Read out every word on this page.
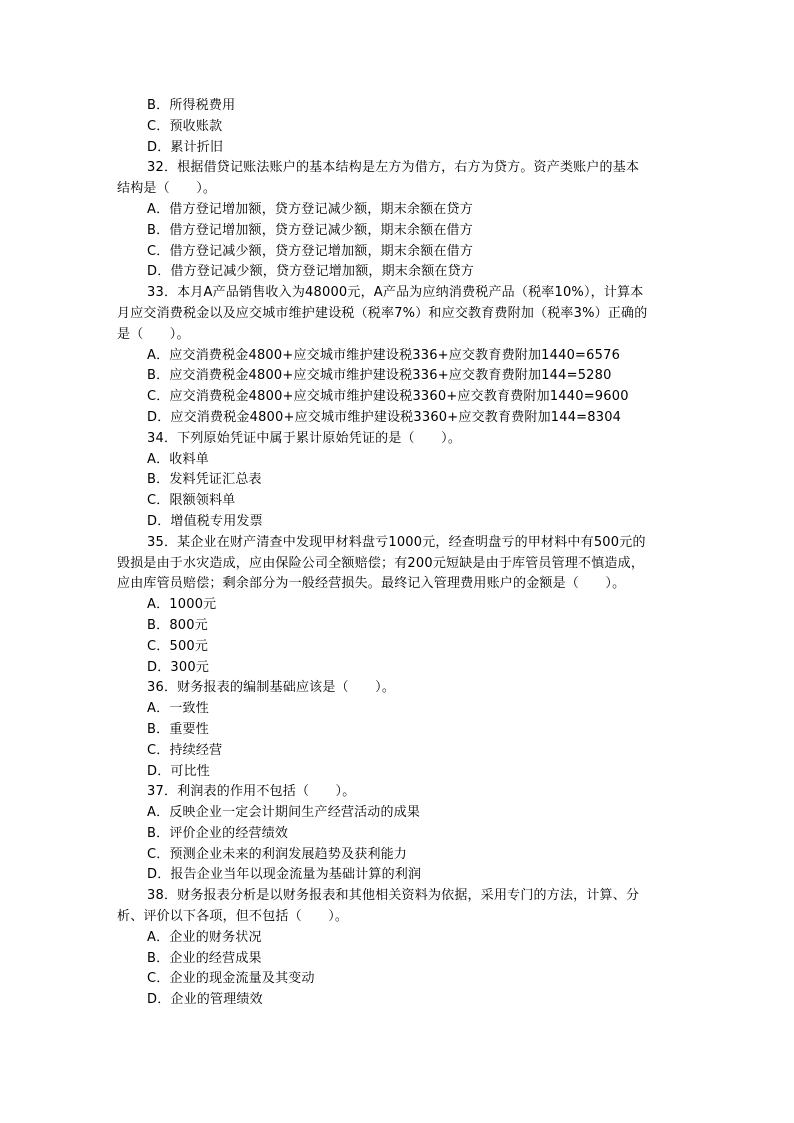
B．所得税费用
C．预收账款
D．累计折旧
32．根据借贷记账法账户的基本结构是左方为借方，右方为贷方。资产类账户的基本
结构是（　　）。
A．借方登记增加额，贷方登记减少额，期末余额在贷方
B．借方登记增加额，贷方登记减少额，期末余额在借方
C．借方登记减少额，贷方登记增加额，期末余额在借方
D．借方登记减少额，贷方登记增加额，期末余额在贷方
33．本月A产品销售收入为48000元，A产品为应纳消费税产品（税率10%），计算本
月应交消费税金以及应交城市维护建设税（税率7%）和应交教育费附加（税率3%）正确的
是（　　）。
A．应交消费税金4800+应交城市维护建设税336+应交教育费附加1440=6576
B．应交消费税金4800+应交城市维护建设税336+应交教育费附加144=5280
C．应交消费税金4800+应交城市维护建设税3360+应交教育费附加1440=9600
D．应交消费税金4800+应交城市维护建设税3360+应交教育费附加144=8304
34．下列原始凭证中属于累计原始凭证的是（　　）。
A．收料单
B．发料凭证汇总表
C．限额领料单
D．增值税专用发票
35．某企业在财产清查中发现甲材料盘亏1000元，经查明盘亏的甲材料中有500元的
毁损是由于水灾造成，应由保险公司全额赔偿；有200元短缺是由于库管员管理不慎造成，
应由库管员赔偿；剩余部分为一般经营损失。最终记入管理费用账户的金额是（　　）。
A．1000元
B．800元
C．500元
D．300元
36．财务报表的编制基础应该是（　　）。
A．一致性
B．重要性
C．持续经营
D．可比性
37．利润表的作用不包括（　　）。
A．反映企业一定会计期间生产经营活动的成果
B．评价企业的经营绩效
C．预测企业未来的利润发展趋势及获利能力
D．报告企业当年以现金流量为基础计算的利润
38．财务报表分析是以财务报表和其他相关资料为依据，采用专门的方法，计算、分
析、评价以下各项，但不包括（　　）。
A．企业的财务状况
B．企业的经营成果
C．企业的现金流量及其变动
D．企业的管理绩效
